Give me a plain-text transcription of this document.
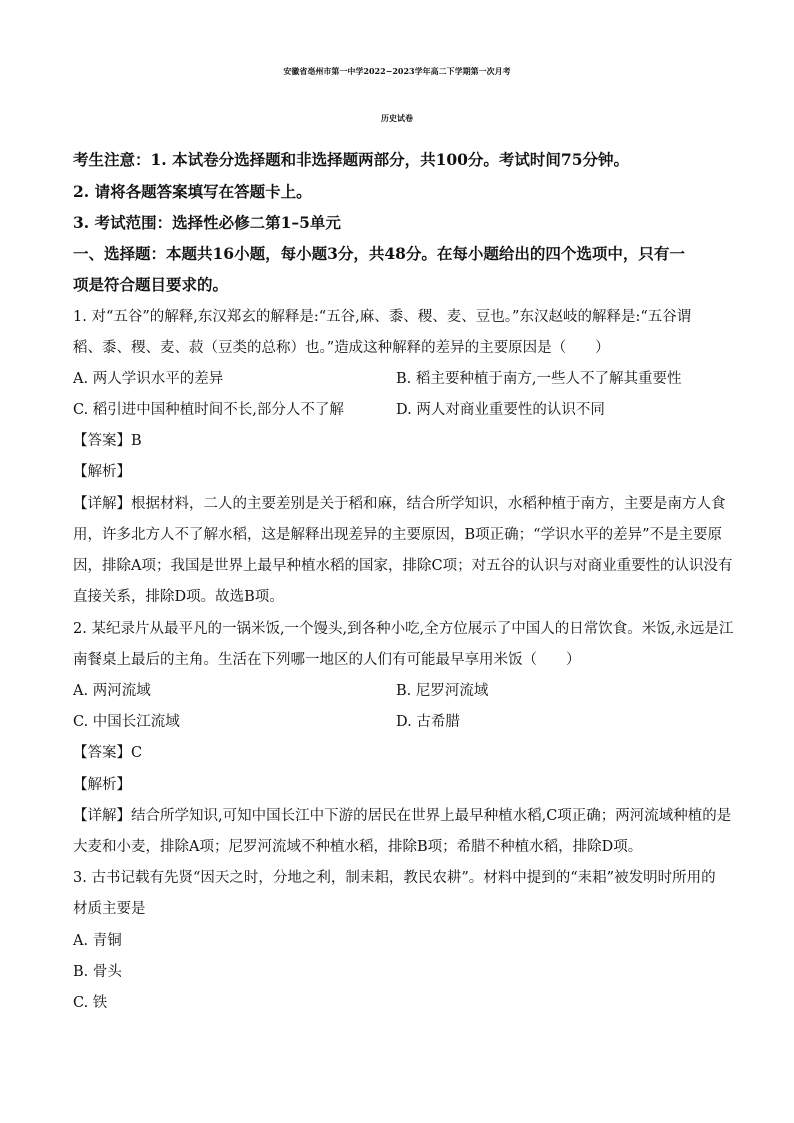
安徽省亳州市第一中学2022−2023学年高二下学期第一次月考
历史试卷
考生注意：1. 本试卷分选择题和非选择题两部分，共100分。考试时间75分钟。
2. 请将各题答案填写在答题卡上。
3. 考试范围：选择性必修二第1–5单元
一、选择题：本题共16小题，每小题3分，共48分。在每小题给出的四个选项中，只有一
项是符合题目要求的。
1. 对“五谷”的解释,东汉郑玄的解释是:“五谷,麻、黍、稷、麦、豆也。”东汉赵岐的解释是:“五谷谓
稻、黍、稷、麦、菽（豆类的总称）也。”造成这种解释的差异的主要原因是（　　）
A. 两人学识水平的差异	B. 稻主要种植于南方,一些人不了解其重要性
C. 稻引进中国种植时间不长,部分人不了解	D. 两人对商业重要性的认识不同
【答案】B
【解析】
【详解】根据材料，二人的主要差别是关于稻和麻，结合所学知识，水稻种植于南方，主要是南方人食
用，许多北方人不了解水稻，这是解释出现差异的主要原因，B项正确；“学识水平的差异”不是主要原
因，排除A项；我国是世界上最早种植水稻的国家，排除C项；对五谷的认识与对商业重要性的认识没有
直接关系，排除D项。故选B项。
2. 某纪录片从最平凡的一锅米饭,一个馒头,到各种小吃,全方位展示了中国人的日常饮食。米饭,永远是江
南餐桌上最后的主角。生活在下列哪一地区的人们有可能最早享用米饭（　　）
A. 两河流域	B. 尼罗河流域
C. 中国长江流域	D. 古希腊
【答案】C
【解析】
【详解】结合所学知识,可知中国长江中下游的居民在世界上最早种植水稻,C项正确；两河流域种植的是
大麦和小麦，排除A项；尼罗河流域不种植水稻，排除B项；希腊不种植水稻，排除D项。
3. 古书记载有先贤“因天之时，分地之利，制耒耜，教民农耕”。材料中提到的“耒耜”被发明时所用的
材质主要是
A. 青铜
B. 骨头
C. 铁
